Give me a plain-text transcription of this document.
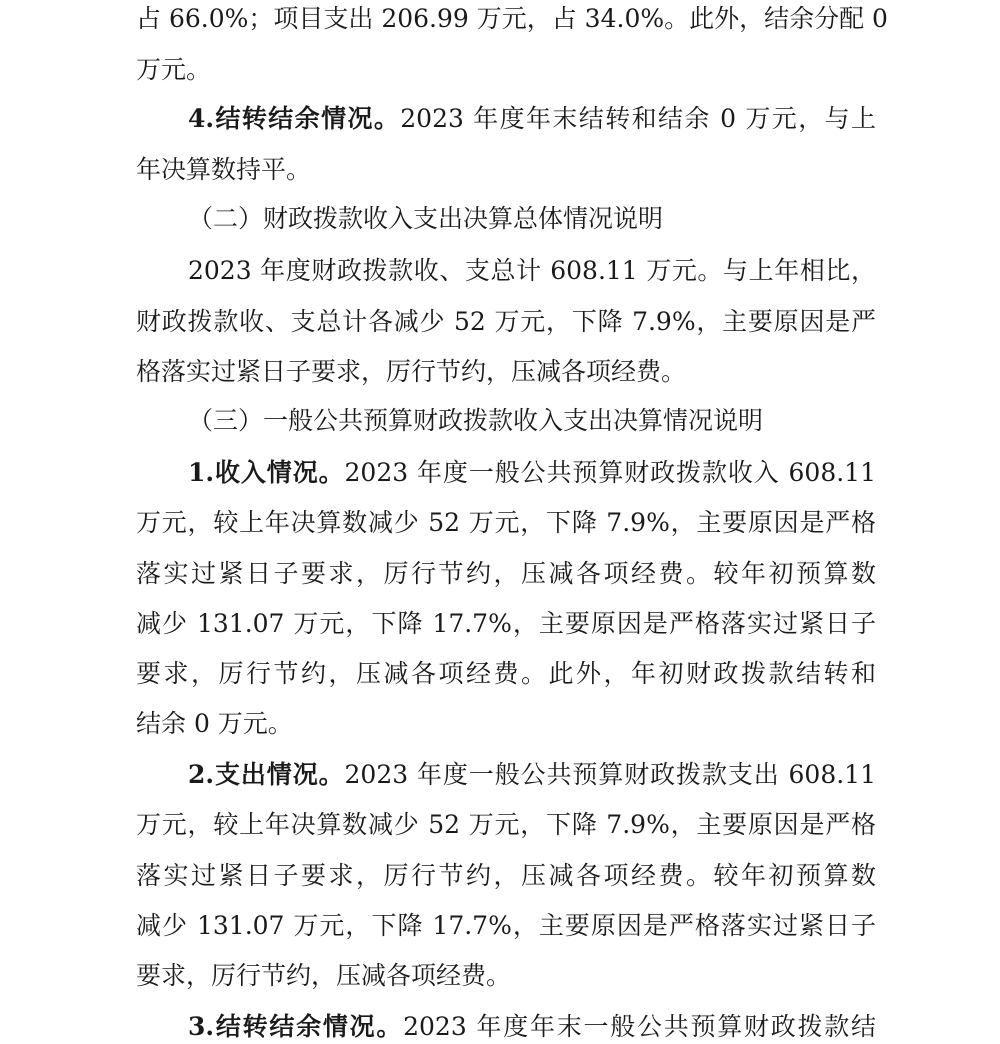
占 66.0%；项目支出 206.99 万元，占 34.0%。此外，结余分配 0

万元。

4.结转结余情况。2023 年度年末结转和结余 0 万元，与上

年决算数持平。

（二）财政拨款收入支出决算总体情况说明

2023 年度财政拨款收、支总计 608.11 万元。与上年相比，

财政拨款收、支总计各减少 52 万元，下降 7.9%，主要原因是严

格落实过紧日子要求，厉行节约，压减各项经费。

（三）一般公共预算财政拨款收入支出决算情况说明

1.收入情况。2023 年度一般公共预算财政拨款收入 608.11

万元，较上年决算数减少 52 万元，下降 7.9%，主要原因是严格

落实过紧日子要求，厉行节约，压减各项经费。较年初预算数

减少 131.07 万元，下降 17.7%，主要原因是严格落实过紧日子

要求，厉行节约，压减各项经费。此外，年初财政拨款结转和

结余 0 万元。

2.支出情况。2023 年度一般公共预算财政拨款支出 608.11

万元，较上年决算数减少 52 万元，下降 7.9%，主要原因是严格

落实过紧日子要求，厉行节约，压减各项经费。较年初预算数

减少 131.07 万元，下降 17.7%，主要原因是严格落实过紧日子

要求，厉行节约，压减各项经费。

3.结转结余情况。2023 年度年末一般公共预算财政拨款结
